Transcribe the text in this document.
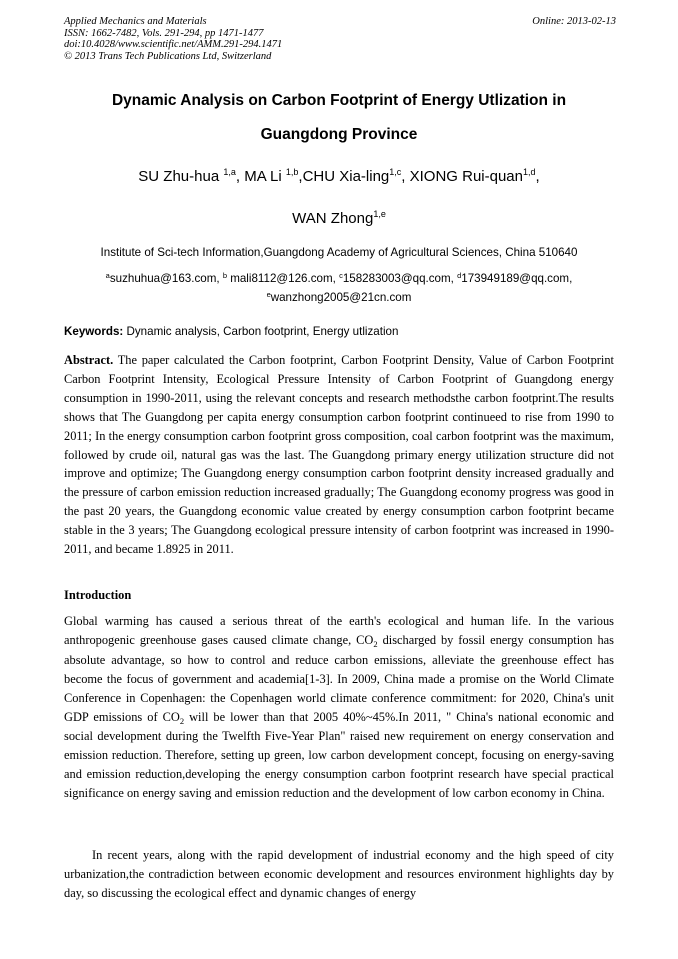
Applied Mechanics and Materials
ISSN: 1662-7482, Vols. 291-294, pp 1471-1477
doi:10.4028/www.scientific.net/AMM.291-294.1471
© 2013 Trans Tech Publications Ltd, Switzerland
Online: 2013-02-13
Dynamic Analysis on Carbon Footprint of Energy Utlization in
Guangdong Province
SU Zhu-hua $^{1,a}$, MA Li $^{1,b}$,CHU Xia-ling$^{1,c}$, XIONG Rui-quan$^{1,d}$,
WAN Zhong$^{1,e}$
Institute of Sci-tech Information,Guangdong Academy of Agricultural Sciences, China 510640
$^a$suzhuhua@163.com, $^b$ mali8112@126.com, $^c$158283003@qq.com, $^d$173949189@qq.com,
$^e$wanzhong2005@21cn.com
Keywords: Dynamic analysis, Carbon footprint, Energy utlization

Abstract. The paper calculated the Carbon footprint, Carbon Footprint Density, Value of Carbon Footprint Carbon Footprint Intensity, Ecological Pressure Intensity of Carbon Footprint of Guangdong energy consumption in 1990-2011, using the relevant concepts and research methodsthe carbon footprint.The results shows that The Guangdong per capita energy consumption carbon footprint continueed to rise from 1990 to 2011; In the energy consumption carbon footprint gross composition, coal carbon footprint was the maximum, followed by crude oil, natural gas was the last. The Guangdong primary energy utilization structure did not improve and optimize; The Guangdong energy consumption carbon footprint density increased gradually and the pressure of carbon emission reduction increased gradually; The Guangdong economy progress was good in the past 20 years, the Guangdong economic value created by energy consumption carbon footprint became stable in the 3 years; The Guangdong ecological pressure intensity of carbon footprint was increased in 1990-2011, and became 1.8925 in 2011.

Introduction

Global warming has caused a serious threat of the earth's ecological and human life. In the various anthropogenic greenhouse gases caused climate change, $CO_2$ discharged by fossil energy consumption has absolute advantage, so how to control and reduce carbon emissions, alleviate the greenhouse effect has become the focus of government and academia[1-3]. In 2009, China made a promise on the World Climate Conference in Copenhagen: the Copenhagen world climate conference commitment: for 2020, China's unit GDP emissions of $CO_2$ will be lower than that 2005 40%~45%.In 2011, " China's national economic and social development during the Twelfth Five-Year Plan" raised new requirement on energy conservation and emission reduction. Therefore, setting up green, low carbon development concept, focusing on energy-saving and emission reduction,developing the energy consumption carbon footprint research have special practical significance on energy saving and emission reduction and the development of low carbon economy in China.

In recent years, along with the rapid development of industrial economy and the high speed of city urbanization,the contradiction between economic development and resources environment highlights day by day, so discussing the ecological effect and dynamic changes of energy
